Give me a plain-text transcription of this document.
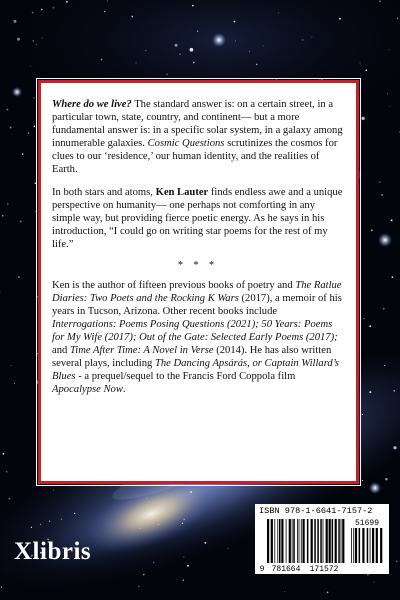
Where do we live? The standard answer is: on a certain street, in a particular town, state, country, and continent— but a more fundamental answer is: in a specific solar system, in a galaxy among innumerable galaxies. Cosmic Questions scrutinizes the cosmos for clues to our ‘residence,’ our human identity, and the realities of Earth.

In both stars and atoms, Ken Lauter finds endless awe and a unique perspective on humanity— one perhaps not comforting in any simple way, but providing fierce poetic energy. As he says in his introduction, “I could go on writing star poems for the rest of my life.”

* * *

Ken is the author of fifteen previous books of poetry and The Ratlue Diaries: Two Poets and the Rocking K Wars (2017), a memoir of his years in Tucson, Arizona. Other recent books include Interrogations: Poems Posing Questions (2021); 50 Years: Poems for My Wife (2017); Out of the Gate: Selected Early Poems (2017); and Time After Time: A Novel in Verse (2014). He has also written several plays, including The Dancing Apsárás, or Captain Willard’s Blues - a prequel/sequel to the Francis Ford Coppola film Apocalypse Now.

Xlibris
ISBN 978-1-6641-7157-2
51699
9 781664 171572
